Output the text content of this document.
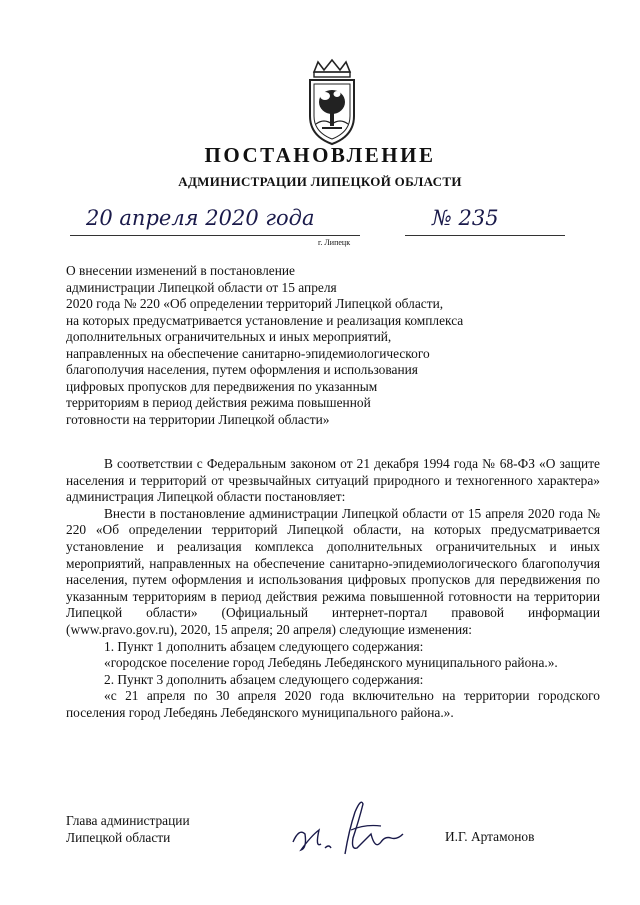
ПОСТАНОВЛЕНИЕ
АДМИНИСТРАЦИИ ЛИПЕЦКОЙ ОБЛАСТИ
20 апреля 2020 года	№ 235
г. Липецк
О внесении изменений в постановление
администрации Липецкой области от 15 апреля
2020 года № 220 «Об определении территорий Липецкой области,
на которых предусматривается установление и реализация комплекса
дополнительных ограничительных и иных мероприятий,
направленных на обеспечение санитарно-эпидемиологического
благополучия населения, путем оформления и использования
цифровых пропусков для передвижения по указанным
территориям в период действия режима повышенной
готовности на территории Липецкой области»

В соответствии с Федеральным законом от 21 декабря 1994 года № 68-ФЗ «О защите населения и территорий от чрезвычайных ситуаций природного и техногенного характера» администрация Липецкой области постановляет:

Внести в постановление администрации Липецкой области от 15 апреля 2020 года № 220 «Об определении территорий Липецкой области, на которых предусматривается установление и реализация комплекса дополнительных ограничительных и иных мероприятий, направленных на обеспечение санитарно-эпидемиологического благополучия населения, путем оформления и использования цифровых пропусков для передвижения по указанным территориям в период действия режима повышенной готовности на территории Липецкой области» (Официальный интернет-портал правовой информации (www.pravo.gov.ru), 2020, 15 апреля; 20 апреля) следующие изменения:

1. Пункт 1 дополнить абзацем следующего содержания:

«городское поселение город Лебедянь Лебедянского муниципального района.».

2. Пункт 3 дополнить абзацем следующего содержания:

«с 21 апреля по 30 апреля 2020 года включительно на территории городского поселения город Лебедянь Лебедянского муниципального района.».

Глава администрации
Липецкой области	И.Г. Артамонов
